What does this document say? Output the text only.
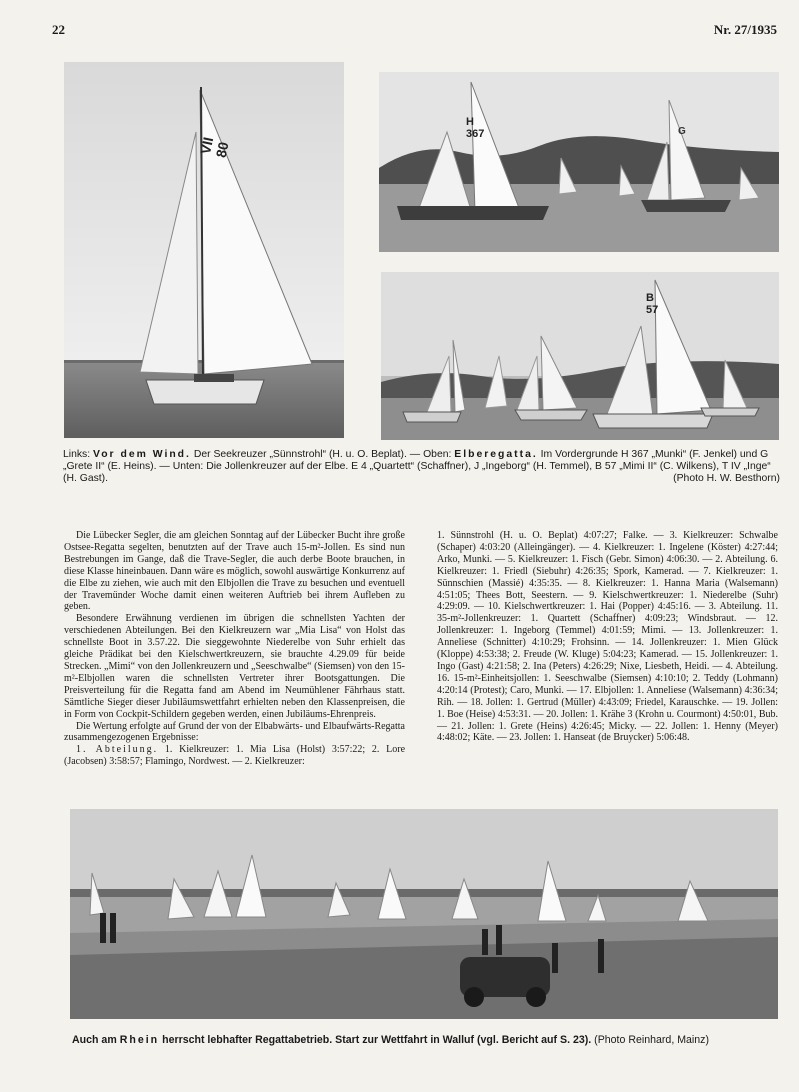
22	Nr. 27/1935
VII 80
H 367	G
B 57
Links: Vor dem Wind. Der Seekreuzer „Sünnstrohl“ (H. u. O. Beplat). — Oben: Elberegatta. Im Vordergrunde H 367 „Munki“ (F. Jenkel) und G „Grete II“ (E. Heins). — Unten: Die Jollenkreuzer auf der Elbe. E 4 „Quartett“ (Schaffner), J „Ingeborg“ (H. Temmel), B 57 „Mimi II“ (C. Wilkens), T IV „Inge“ (H. Gast).	(Photo H. W. Besthorn)

Die Lübecker Segler, die am gleichen Sonntag auf der Lübecker Bucht ihre große Ostsee-Regatta segelten, benutzten auf der Trave auch 15-m²-Jollen. Es sind nun Bestrebungen im Gange, daß die Trave-Segler, die auch derbe Boote brauchen, in diese Klasse hineinbauen. Dann wäre es möglich, sowohl auswärtige Konkurrenz auf die Elbe zu ziehen, wie auch mit den Elbjollen die Trave zu besuchen und eventuell der Travemünder Woche damit einen weiteren Auftrieb bei ihrem Aufleben zu geben.

Besondere Erwähnung verdienen im übrigen die schnellsten Yachten der verschiedenen Abteilungen. Bei den Kielkreuzern war „Mia Lisa“ von Holst das schnellste Boot in 3.57.22. Die sieggewohnte Niederelbe von Suhr erhielt das gleiche Prädikat bei den Kielschwertkreuzern, sie brauchte 4.29.09 für beide Strecken. „Mimi“ von den Jollenkreuzern und „Seeschwalbe“ (Siemsen) von den 15-m²-Elbjollen waren die schnellsten Vertreter ihrer Bootsgattungen. Die Preisverteilung für die Regatta fand am Abend im Neumühlener Fährhaus statt. Sämtliche Sieger dieser Jubiläumswettfahrt erhielten neben den Klassenpreisen, die in Form von Cockpit-Schildern gegeben werden, einen Jubiläums-Ehrenpreis.

Die Wertung erfolgte auf Grund der von der Elbabwärts- und Elbaufwärts-Regatta zusammengezogenen Ergebnisse:

1. Abteilung. 1. Kielkreuzer: 1. Mia Lisa (Holst) 3:57:22; 2. Lore (Jacobsen) 3:58:57; Flamingo, Nordwest. — 2. Kielkreuzer:

1. Sünnstrohl (H. u. O. Beplat) 4:07:27; Falke. — 3. Kielkreuzer: Schwalbe (Schaper) 4:03:20 (Alleingänger). — 4. Kielkreuzer: 1. Ingelene (Köster) 4:27:44; Arko, Munki. — 5. Kielkreuzer: 1. Fisch (Gebr. Simon) 4:06:30. — 2. Abteilung. 6. Kielkreuzer: 1. Friedl (Siebuhr) 4:26:35; Spork, Kamerad. — 7. Kielkreuzer: 1. Sünnschien (Massié) 4:35:35. — 8. Kielkreuzer: 1. Hanna Maria (Walsemann) 4:51:05; Thees Bott, Seestern. — 9. Kielschwertkreuzer: 1. Niederelbe (Suhr) 4:29:09. — 10. Kielschwertkreuzer: 1. Hai (Popper) 4:45:16. — 3. Abteilung. 11. 35-m²-Jollenkreuzer: 1. Quartett (Schaffner) 4:09:23; Windsbraut. — 12. Jollenkreuzer: 1. Ingeborg (Temmel) 4:01:59; Mimi. — 13. Jollenkreuzer: 1. Anneliese (Schnitter) 4:10:29; Frohsinn. — 14. Jollenkreuzer: 1. Mien Glück (Kloppe) 4:53:38; 2. Freude (W. Kluge) 5:04:23; Kamerad. — 15. Jollenkreuzer: 1. Ingo (Gast) 4:21:58; 2. Ina (Peters) 4:26:29; Nixe, Liesbeth, Heidi. — 4. Abteilung. 16. 15-m²-Einheitsjollen: 1. Seeschwalbe (Siemsen) 4:10:10; 2. Teddy (Lohmann) 4:20:14 (Protest); Caro, Munki. — 17. Elbjollen: 1. Anneliese (Walsemann) 4:36:34; Rih. — 18. Jollen: 1. Gertrud (Müller) 4:43:09; Friedel, Karauschke. — 19. Jollen: 1. Boe (Heise) 4:53:31. — 20. Jollen: 1. Krähe 3 (Krohn u. Courmont) 4:50:01, Bub. — 21. Jollen: 1. Grete (Heins) 4:26:45; Micky. — 22. Jollen: 1. Henny (Meyer) 4:48:02; Käte. — 23. Jollen: 1. Hanseat (de Bruycker) 5:06:48.

Auch am Rhein herrscht lebhafter Regattabetrieb. Start zur Wettfahrt in Walluf (vgl. Bericht auf S. 23). (Photo Reinhard, Mainz)
